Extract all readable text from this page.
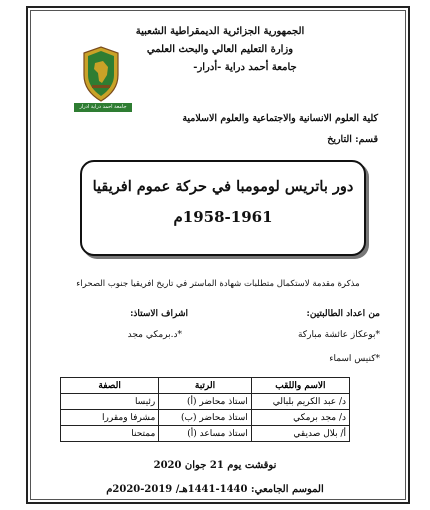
الجمهورية الجزائرية الديمقراطية الشعبية
وزارة التعليم العالي والبحث العلمي
جامعة أحمد دراية -أدرار-
جامعة احمد دراية ادرار
كلية العلوم الانسانية والاجتماعية والعلوم الاسلامية
قسم: التاريخ
دور باتريس لومومبا في حركة عموم افريقيا
1958-1961م
مذكرة مقدمة لاستكمال متطلبات شهادة الماستر في تاريخ افريقيا جنوب الصحراء
من اعداد الطالبتين:
*بوعكاز عائشة مباركة
*كنيس اسماء
اشراف الاستاذ:
*د.برمكي مجد
الاسم واللقب	الرتبة	الصفة
د/ عبد الكريم بلبالي	استاذ محاضر (أ)	رئيسا
د/ مجد برمكي	استاذ محاضر (ب)	مشرفا ومقررا
أ/ بلال صديقي	استاذ مساعد (أ)	ممتحنا
نوقشت يوم 21 جوان 2020
الموسم الجامعي: 1440-1441هـ/ 2019-2020م
